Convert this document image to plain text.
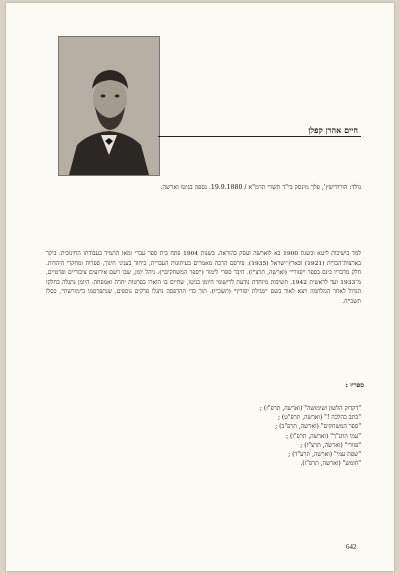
חיים אהרן קפלן
נולד: הורודישץ', פלך מינסק בי"ד תשרי תרמ"א / 19.9.1880. נספה בגיטו וארשה.

למד בישיבות ליטא ובשנת 1900 בא לוארשה ועסק בהוראה. בשנות 1904 פתח בית ספר עברי ומאז התמיד בעבודתו החינוכית. ביקר בארצות־הברית (1921) ובארץ־ישראל (1935). פירסם הרבה מאמרים בעיתונות העברית, ביחוד בעניני חינוך, ספרות ומחקרי היהדות. חלק מדבריו כינס בספר "פזורי" (וארשה, תרצ"ז). חיבר ספרי לימוד ("ספר המשחקים"). ניהל יומן, שבו רשם אירועים ציבוריים ופרטיים, מ־1933 ועד לראשית 1942. חשיבות מיוחדת נודעת לרישומי היומן בגיטו, שחיים בו הוארו בפרטות יתרה ואמפחה. היומן נתגלה בחלקו הגדול לאחר המלחמה ויצא לאור בשם "מגילת יסורין" (תשכ"ו). תוך כדי ההדפסה נתגלו פרקים נוספים, שנתפרסמו ב"מורשת", כסלו תשכ"ח.

ספריו :
"דקדוק הלשון ושימושה" (וארשה, תרפ"ז) ;
"כתב כהלכה !" (וארשה, תרפ"ט) ;
"ספר המשחקים" (וארשה, תרפ"ב) ;
"עמי התנ"ך" (וארשה, תרפ"ו) ;
"פזורי" (וארשה, תרצ"ז) ;
"שפת עמי" (וארשה, תרע"ד) ;
"חומש" (וארשה, תרפ"ז).
642
